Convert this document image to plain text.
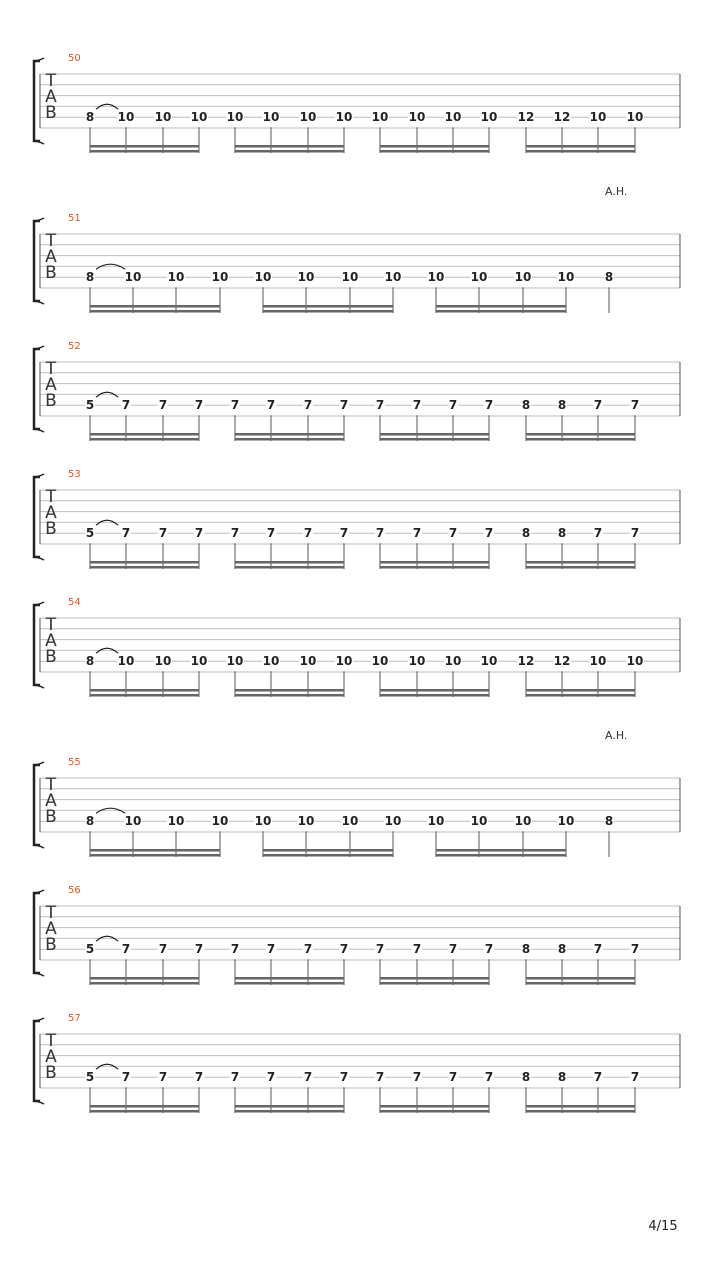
T
A
B
50
8 10 10 10 10 10 10 10 10 10 10 10 12 12 10 10
T
A
B
51
A.H.
8	10 10 10 10 10 10 10 10 10 10 10	8
T
A
B
52
5 7 7 7 7 7 7 7 7 7 7 7 8 8 7 7
T
A
B
53
5 7 7 7 7 7 7 7 7 7 7 7 8 8 7 7
T
A
B
54
8 10 10 10 10 10 10 10 10 10 10 10 12 12 10 10
T
A
B
55
A.H.
8	10 10 10 10 10 10 10 10 10 10 10	8
T
A
B
56
5 7 7 7 7 7 7 7 7 7 7 7 8 8 7 7
T
A
B
57
5 7 7 7 7 7 7 7 7 7 7 7 8 8 7 7
4/15
